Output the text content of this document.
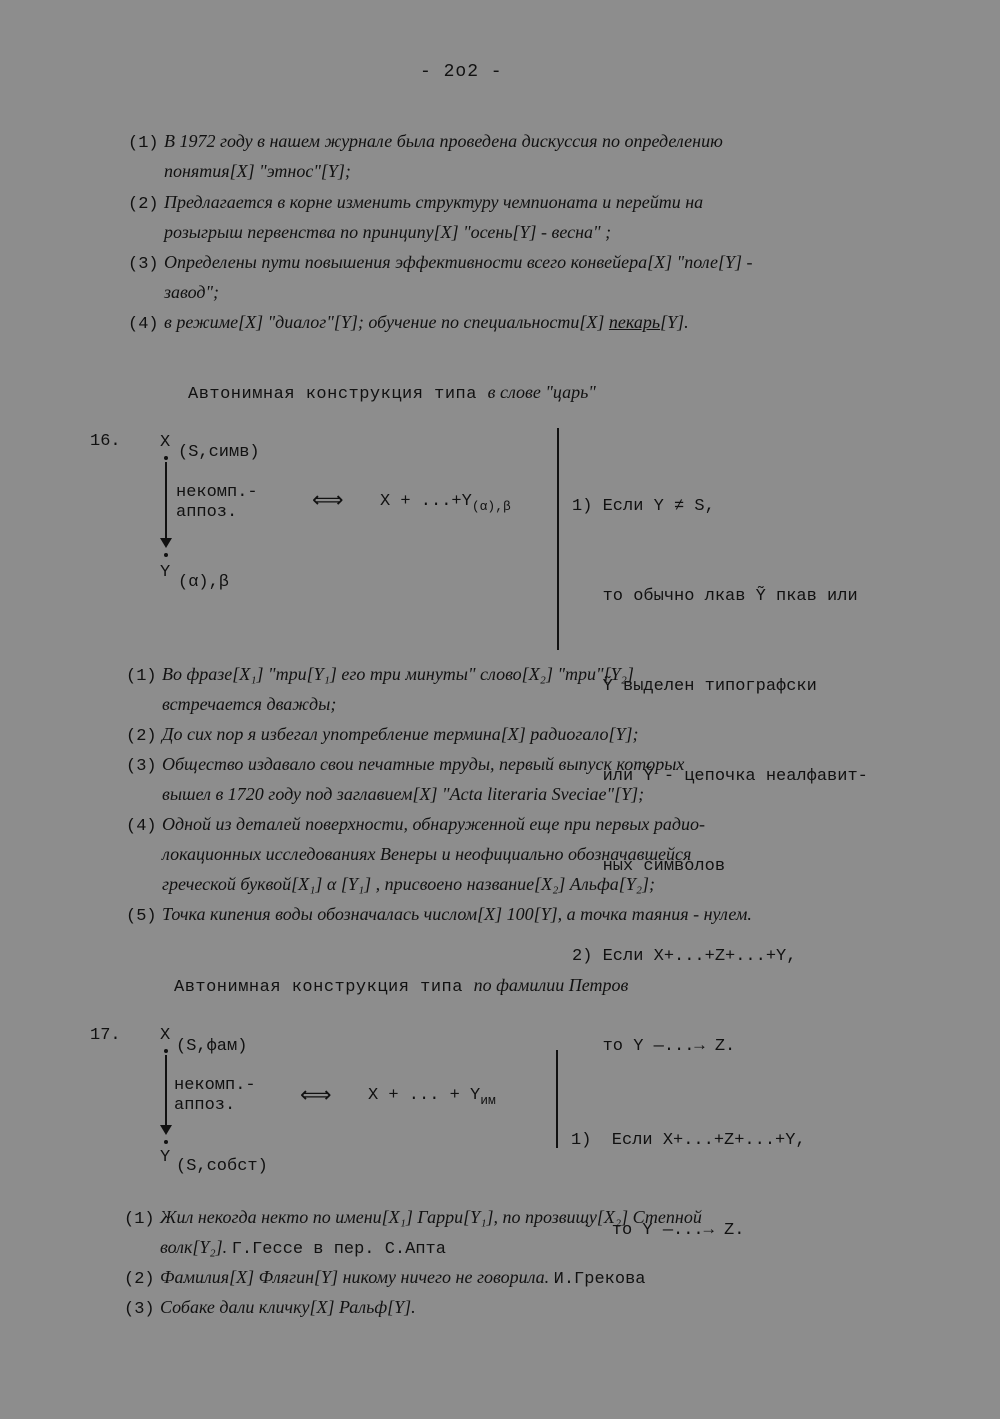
- 2o2 -
(1) В 1972 году в нашем журнале была проведена дискуссия по определению
понятия[X] "этнос"[Y];
(2) Предлагается в корне изменить структуру чемпионата и перейти на
розыгрыш первенства по принципу[X] "осень[Y] - весна" ;
(3) Определены пути повышения эффективности всего конвейера[X] "поле[Y] -
завод";
(4) в режиме[X] "диалог"[Y]; обучение по специальности[X] пекарь[Y].
Автонимная конструкция типа в слове "царь"
16. X
(S,симв)
некомп.-
аппоз.
Y
(α),β
⟺ $X + ...+Y_{(\alpha),\beta}$

	1) Если Y ≠ S,

то обычно лкав Ỹ пкав или

Ỹ выделен типографски

или Ỹ - цепочка неалфавит-

ных символов

2) Если X+...+Z+...+Y,

то Y —...→ Z.

(1) Во фразе[X₁] "три[Y₁] его три минуты" слово[X₂] "три"[Y₂]
встречается дважды;
(2) До сих пор я избегал употребление термина[X] радиогало[Y];
(3) Общество издавало свои печатные труды, первый выпуск которых
вышел в 1720 году под заглавием[X] "Acta literaria Sveciae"[Y];
(4) Одной из деталей поверхности, обнаруженной еще при первых радио-
локационных исследованиях Венеры и неофициально обозначавшейся
греческой буквой[X₁] α [Y₁] , присвоено название[X₂] Альфа[Y₂];
(5) Точка кипения воды обозначалась числом[X] 100[Y], а точка таяния - нулем.
Автонимная конструкция типа по фамилии Петров
17. X
(S,фам)
некомп.-
аппоз.
Y (S,собст)
⟺ X + ... + $Y_{им}$

1)  Если X+...+Z+...+Y,

то Y —...→ Z.

(1) Жил некогда некто по имени[X₁] Гарри[Y₁], по прозвищу[X₂] Степной
волк[Y₂]. Г.Гессе в пер. С.Апта
(2) Фамилия[X] Флягин[Y] никому ничего не говорила. И.Грекова
(3) Собаке дали кличку[X] Ральф[Y].
